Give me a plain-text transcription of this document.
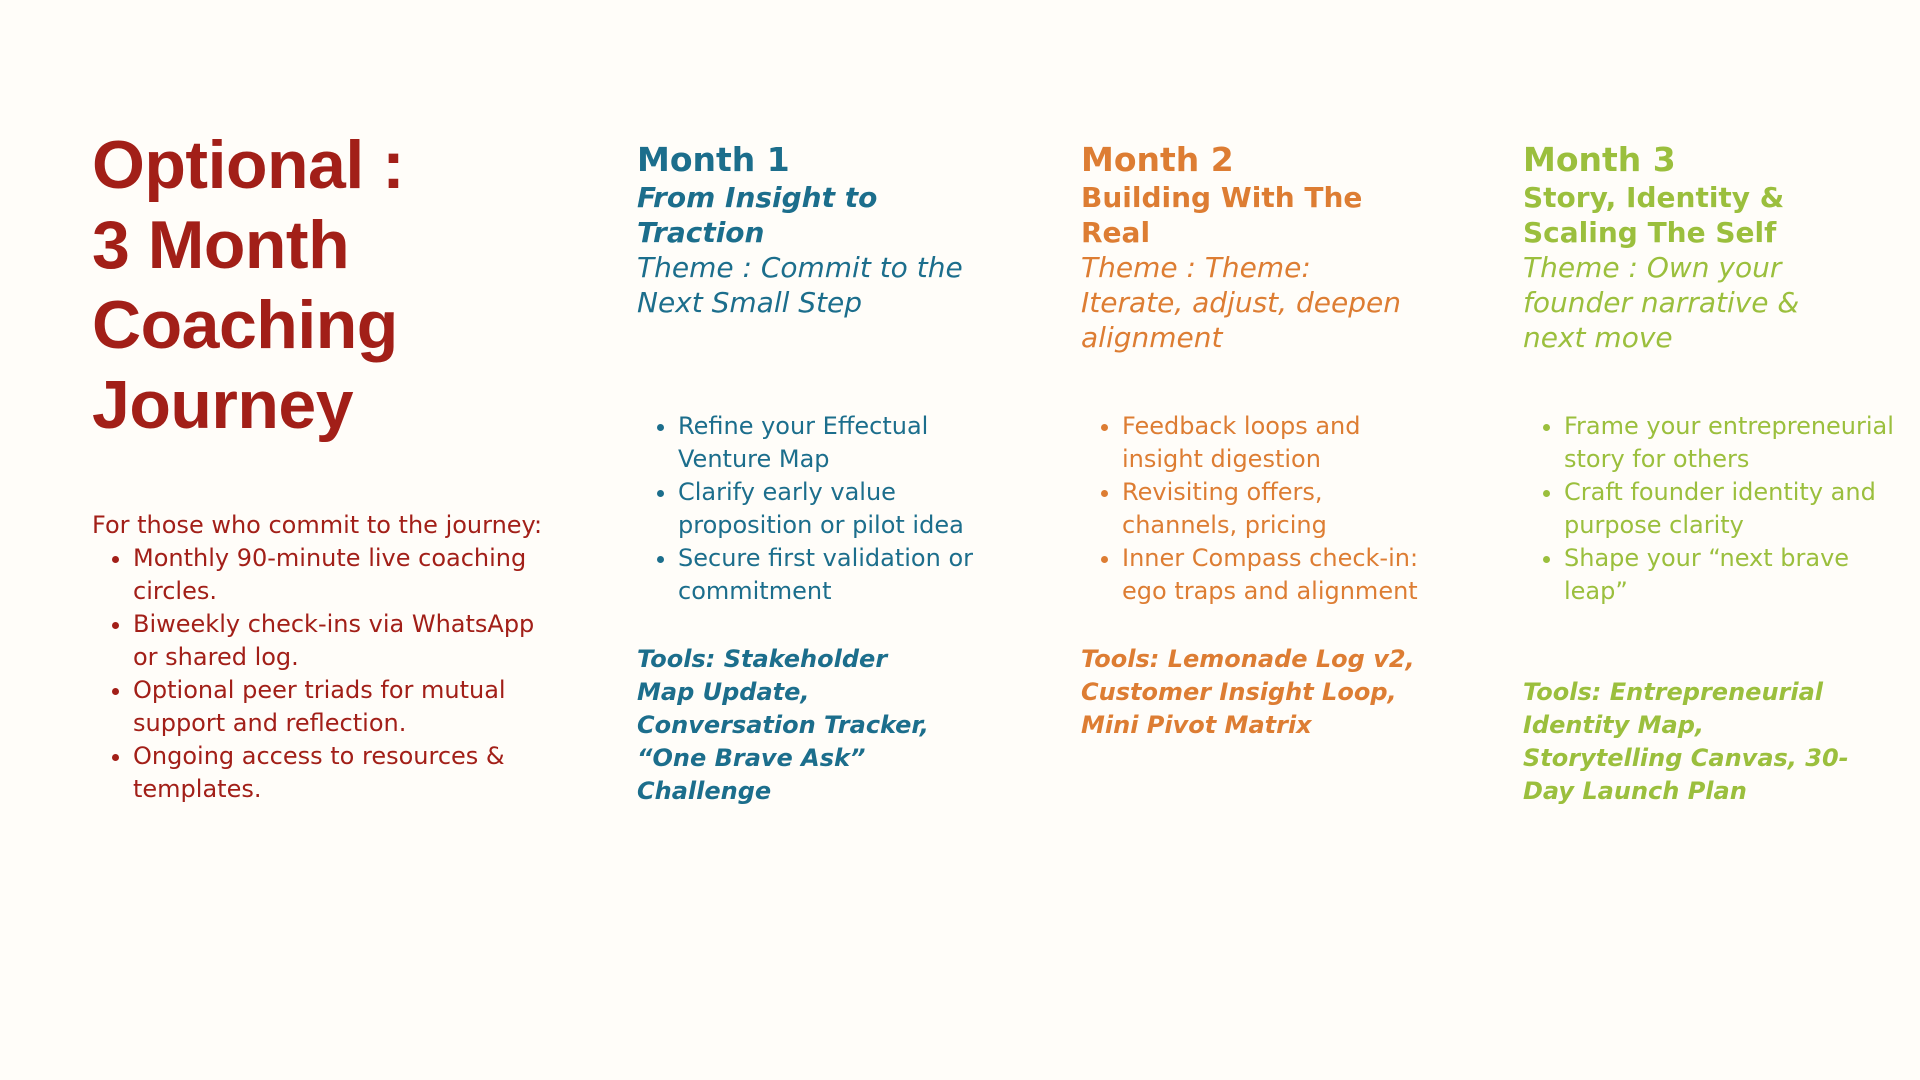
Optional :
3 Month
Coaching
Journey
For those who commit to the journey:
• Monthly 90-minute live coaching circles.
• Biweekly check-ins via WhatsApp or shared log.
• Optional peer triads for mutual support and reflection.
• Ongoing access to resources & templates.
Month 1
From Insight to Traction
Theme : Commit to the Next Small Step
• Refine your Effectual Venture Map
• Clarify early value proposition or pilot idea
• Secure first validation or commitment
Tools: Stakeholder Map Update, Conversation Tracker, “One Brave Ask” Challenge
Month 2
Building With The Real
Theme : Theme: Iterate, adjust, deepen alignment
• Feedback loops and insight digestion
• Revisiting offers, channels, pricing
• Inner Compass check-in: ego traps and alignment
Tools: Lemonade Log v2, Customer Insight Loop, Mini Pivot Matrix
Month 3
Story, Identity & Scaling The Self
Theme : Own your founder narrative & next move
• Frame your entrepreneurial story for others
• Craft founder identity and purpose clarity
• Shape your “next brave leap”
Tools: Entrepreneurial Identity Map, Storytelling Canvas, 30-Day Launch Plan
